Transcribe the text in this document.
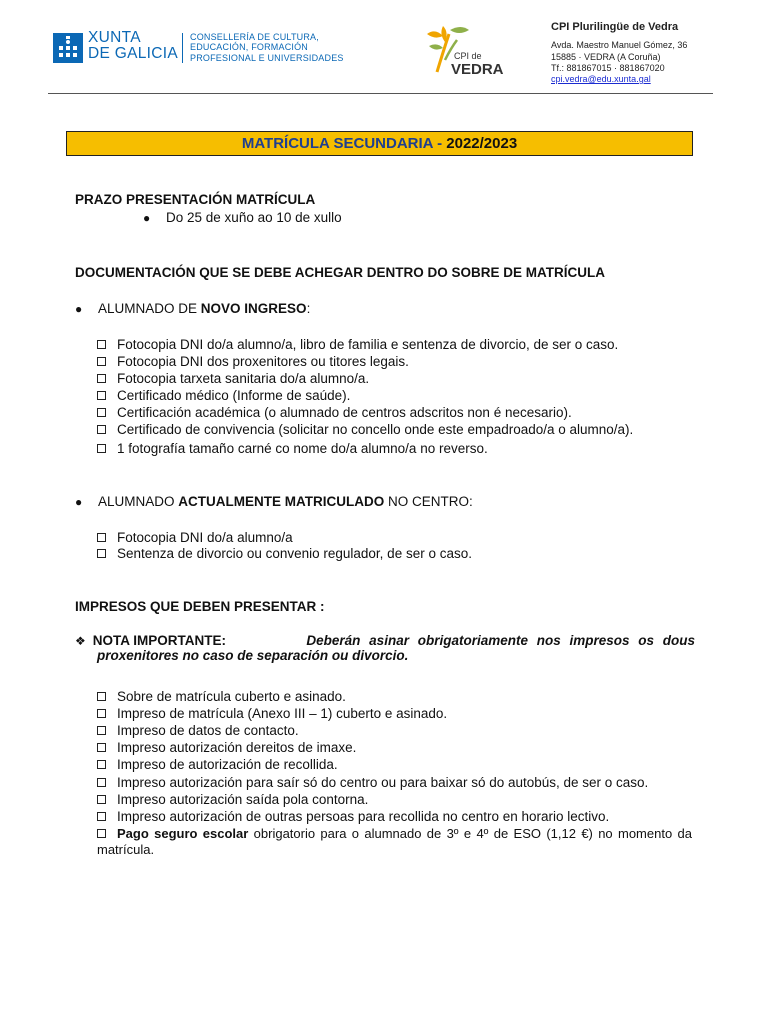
XUNTA
DE GALICIA
CONSELLERÍA DE CULTURA,
EDUCACIÓN, FORMACIÓN
PROFESIONAL E UNIVERSIDADES	CPI de
VEDRA
CPI Plurilingüe de Vedra
Avda. Maestro Manuel Gómez, 36
15885 · VEDRA (A Coruña)
Tf.: 881867015 · 881867020
cpi.vedra@edu.xunta.gal
MATRÍCULA SECUNDARIA - 2022/2023
PRAZO PRESENTACIÓN MATRÍCULA
● Do 25 de xuño ao 10 de xullo
DOCUMENTACIÓN QUE SE DEBE ACHEGAR DENTRO DO SOBRE DE MATRÍCULA
● ALUMNADO DE NOVO INGRESO:
Fotocopia DNI do/a alumno/a, libro de familia e sentenza de divorcio, de ser o caso.
Fotocopia DNI dos proxenitores ou titores legais.
Fotocopia tarxeta sanitaria do/a alumno/a.
Certificado médico (Informe de saúde).
Certificación académica (o alumnado de centros adscritos non é necesario).
Certificado de convivencia (solicitar no concello onde este empadroado/a o alumno/a).
1 fotografía tamaño carné co nome do/a alumno/a no reverso.
● ALUMNADO ACTUALMENTE MATRICULADO NO CENTRO:
Fotocopia DNI do/a alumno/a
Sentenza de divorcio ou convenio regulador, de ser o caso.
IMPRESOS QUE DEBEN PRESENTAR :
❖ NOTA IMPORTANTE:	Deberán asinar obrigatoriamente nos impresos os dous
proxenitores no caso de separación ou divorcio.
Sobre de matrícula cuberto e asinado.
Impreso de matrícula (Anexo III – 1) cuberto e asinado.
Impreso de datos de contacto.
Impreso autorización dereitos de imaxe.
Impreso de autorización de recollida.
Impreso autorización para saír só do centro ou para baixar só do autobús, de ser o caso.
Impreso autorización saída pola contorna.
Impreso autorización de outras persoas para recollida no centro en horario lectivo.
Pago seguro escolar obrigatorio para o alumnado de 3º e 4º de ESO (1,12 €) no momento da matrícula.
